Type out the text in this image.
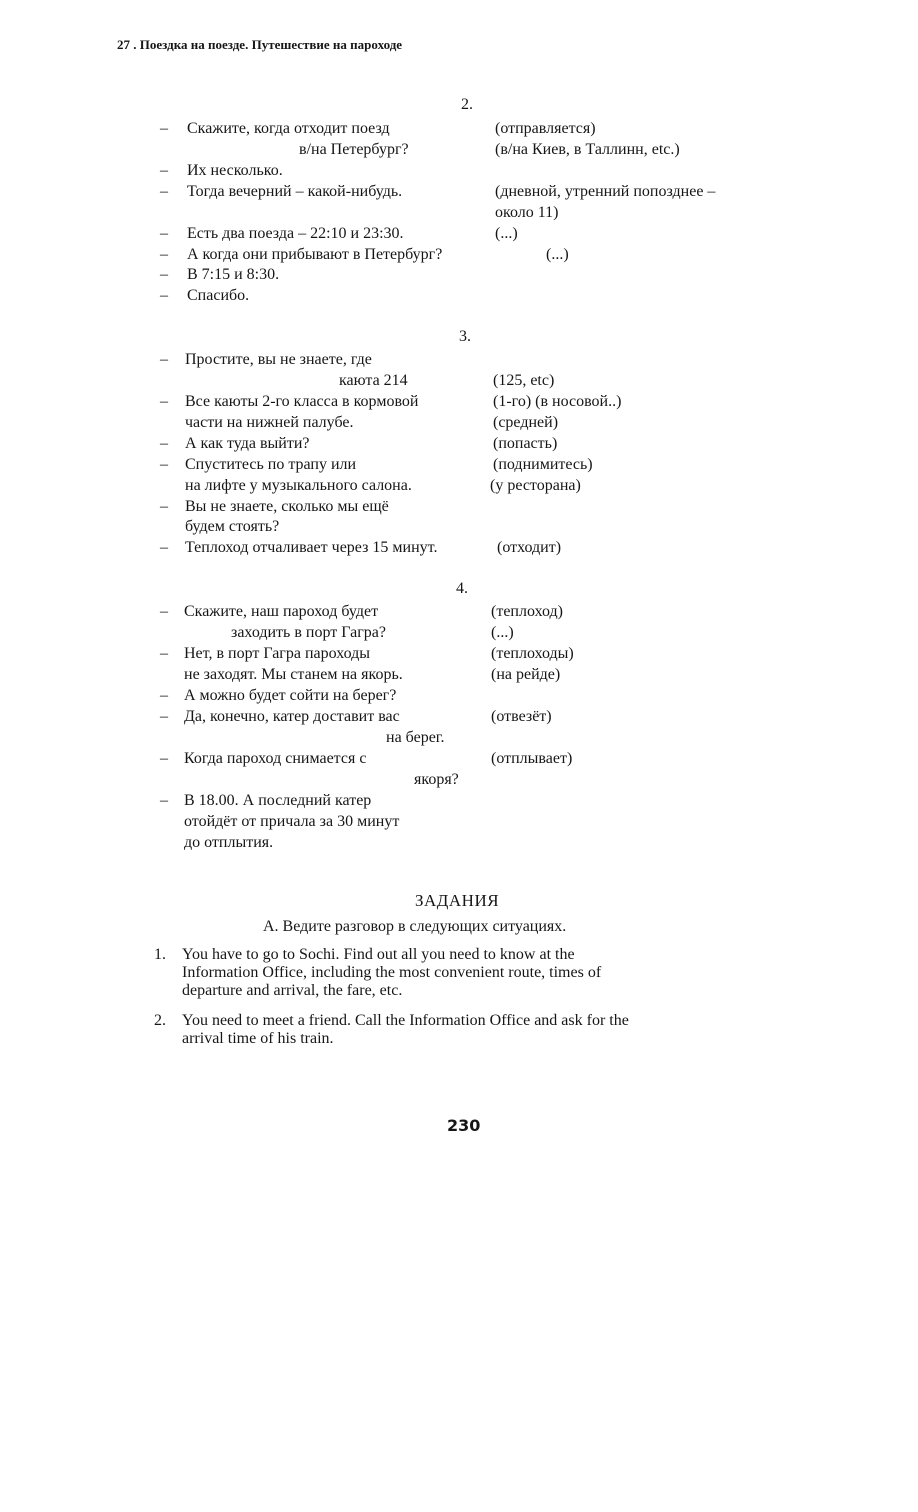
27 . Поездка на поезде. Путешествие на пароходе
2.
–	Скажите, когда отходит поезд	(отправляется)
в/на Петербург?	(в/на Киев, в Таллинн, etc.)
–	Их несколько.
–	Тогда вечерний – какой-нибудь.	(дневной, утренний попозднее –
около 11)
–	Есть два поезда – 22:10 и 23:30.	(...)
–	А когда они прибывают в Петербург?	(...)
–	В 7:15 и 8:30.
–	Спасибо.
3.
–	Простите, вы не знаете, где
каюта 214	(125, etc)
–	Все каюты 2-го класса в кормовой	(1-го) (в носовой..)
части на нижней палубе.	(средней)
–	А как туда выйти?	(попасть)
–	Спуститесь по трапу или	(поднимитесь)
на лифте у музыкального салона.	(у ресторана)
–	Вы не знаете, сколько мы ещё
будем стоять?
–	Теплоход отчаливает через 15 минут.	(отходит)
4.
–	Скажите, наш пароход будет	(теплоход)
заходить в порт Гагра?	(...)
–	Нет, в порт Гагра пароходы	(теплоходы)
не заходят. Мы станем на якорь.	(на рейде)
–	А можно будет сойти на берег?
–	Да, конечно, катер доставит вас	(отвезёт)
на берег.
–	Когда пароход снимается с	(отплывает)
якоря?
–	В 18.00. А последний катер
отойдёт от причала за 30 минут
до отплытия.
ЗАДАНИЯ
А. Ведите разговор в следующих ситуациях.
1. You have to go to Sochi. Find out all you need to know at the
Information Office, including the most convenient route, times of
departure and arrival, the fare, etc.
2. You need to meet a friend. Call the Information Office and ask for the
arrival time of his train.
230
